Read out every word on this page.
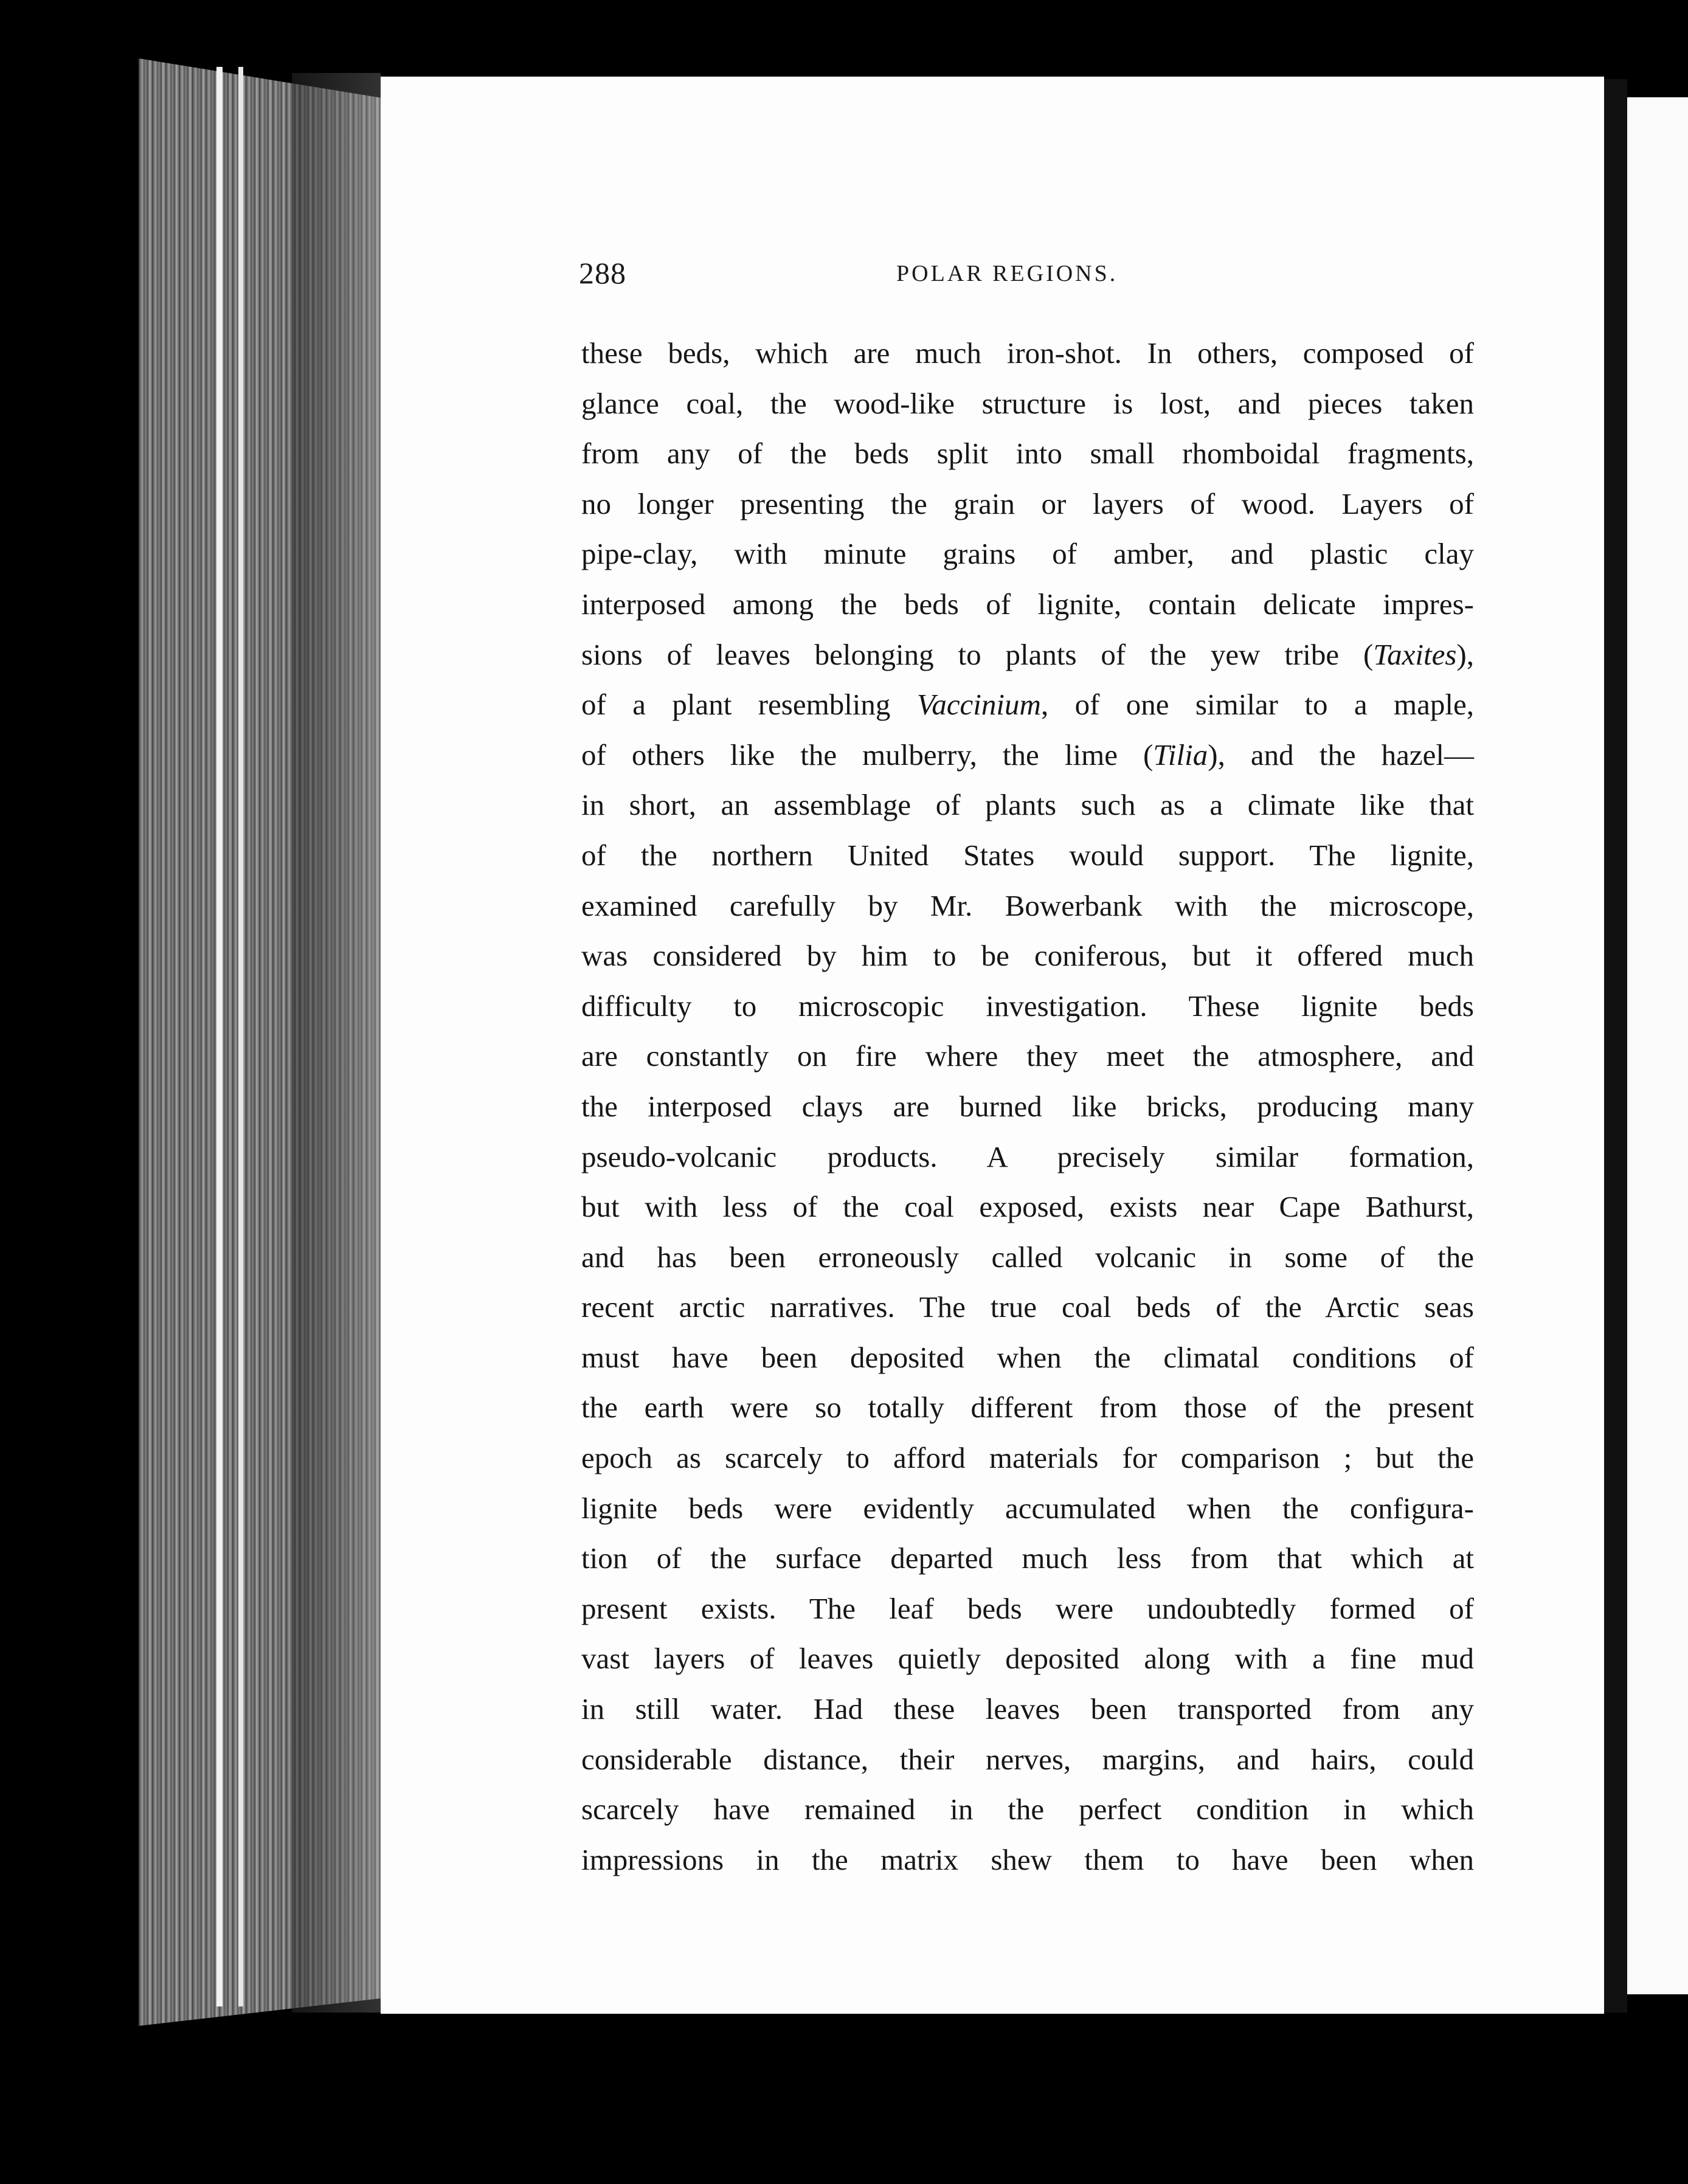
288	POLAR REGIONS.
these beds, which are much iron-shot. In others, composed of
glance coal, the wood-like structure is lost, and pieces taken
from any of the beds split into small rhomboidal fragments,
no longer presenting the grain or layers of wood. Layers of
pipe-clay, with minute grains of amber, and plastic clay
interposed among the beds of lignite, contain delicate impres-
sions of leaves belonging to plants of the yew tribe (Taxites),
of a plant resembling Vaccinium, of one similar to a maple,
of others like the mulberry, the lime (Tilia), and the hazel—
in short, an assemblage of plants such as a climate like that
of the northern United States would support. The lignite,
examined carefully by Mr. Bowerbank with the microscope,
was considered by him to be coniferous, but it offered much
difficulty to microscopic investigation. These lignite beds
are constantly on fire where they meet the atmosphere, and
the interposed clays are burned like bricks, producing many
pseudo-volcanic products. A precisely similar formation,
but with less of the coal exposed, exists near Cape Bathurst,
and has been erroneously called volcanic in some of the
recent arctic narratives. The true coal beds of the Arctic seas
must have been deposited when the climatal conditions of
the earth were so totally different from those of the present
epoch as scarcely to afford materials for comparison ; but the
lignite beds were evidently accumulated when the configura-
tion of the surface departed much less from that which at
present exists. The leaf beds were undoubtedly formed of
vast layers of leaves quietly deposited along with a fine mud
in still water. Had these leaves been transported from any
considerable distance, their nerves, margins, and hairs, could
scarcely have remained in the perfect condition in which
impressions in the matrix shew them to have been when
